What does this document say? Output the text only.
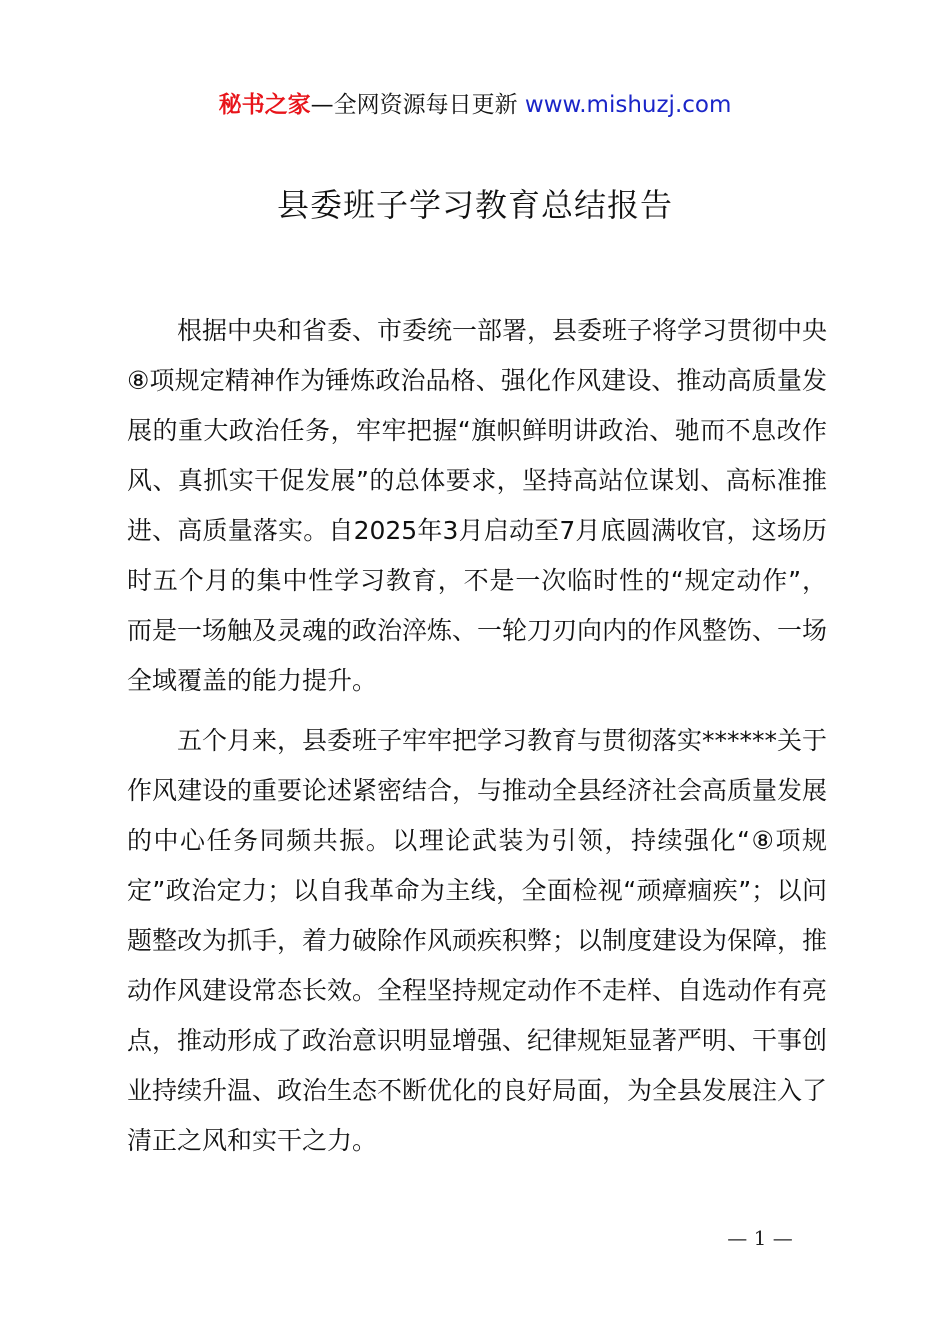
秘书之家—全网资源每日更新 www.mishuzj.com
县委班子学习教育总结报告

根据中央和省委、市委统一部署，县委班子将学习贯彻中央⑧项规定精神作为锤炼政治品格、强化作风建设、推动高质量发展的重大政治任务，牢牢把握“旗帜鲜明讲政治、驰而不息改作风、真抓实干促发展”的总体要求，坚持高站位谋划、高标准推进、高质量落实。自2025年3月启动至7月底圆满收官，这场历时五个月的集中性学习教育，不是一次临时性的“规定动作”，而是一场触及灵魂的政治淬炼、一轮刀刃向内的作风整饬、一场全域覆盖的能力提升。

五个月来，县委班子牢牢把学习教育与贯彻落实******关于作风建设的重要论述紧密结合，与推动全县经济社会高质量发展的中心任务同频共振。以理论武装为引领，持续强化“⑧项规定”政治定力；以自我革命为主线，全面检视“顽瘴痼疾”；以问题整改为抓手，着力破除作风顽疾积弊；以制度建设为保障，推动作风建设常态长效。全程坚持规定动作不走样、自选动作有亮点，推动形成了政治意识明显增强、纪律规矩显著严明、干事创业持续升温、政治生态不断优化的良好局面，为全县发展注入了清正之风和实干之力。

— 1 —
